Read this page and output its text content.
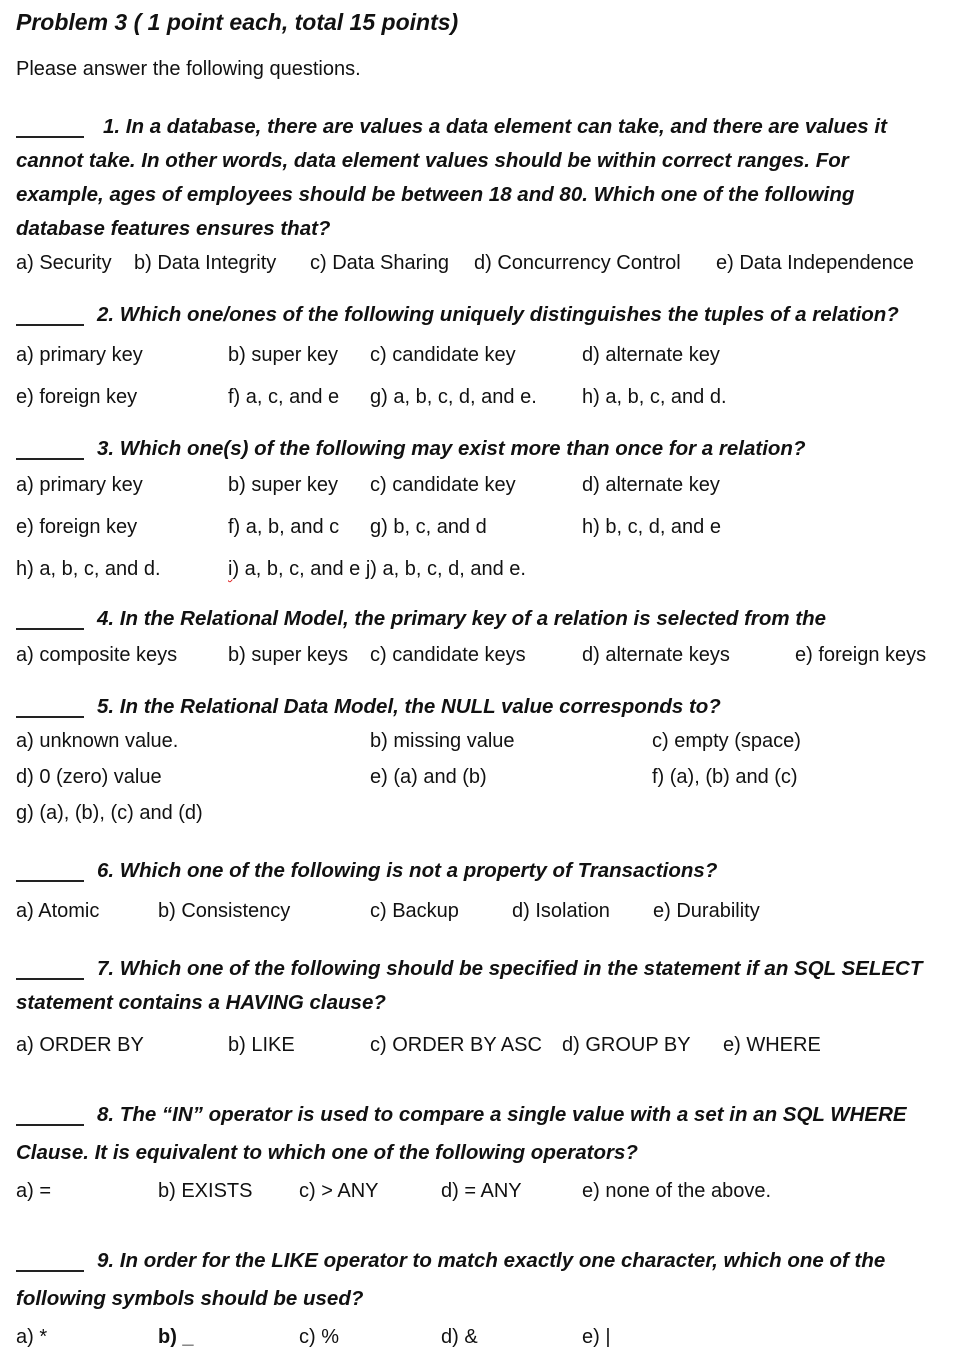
Problem 3 ( 1 point each, total 15 points)
Please answer the following questions.
1. In a database, there are values a data element can take, and there are values it
cannot take. In other words, data element values should be within correct ranges. For
example, ages of employees should be between 18 and 80. Which one of the following
database features ensures that?
a) Security b) Data Integrity c) Data Sharing d) Concurrency Control e) Data Independence
2. Which one/ones of the following uniquely distinguishes the tuples of a relation?
a) primary key	b) super key c) candidate key	d) alternate key
e) foreign key	f) a, c, and e g) a, b, c, d, and e. h) a, b, c, and d.
3. Which one(s) of the following may exist more than once for a relation?
a) primary key	b) super key c) candidate key	d) alternate key
e) foreign key	f) a, b, and c g) b, c, and d	h) b, c, d, and e
h) a, b, c, and d.	i) a, b, c, and e j) a, b, c, d, and e.
4. In the Relational Model, the primary key of a relation is selected from the
a) composite keys	b) super keys c) candidate keys	d) alternate keys	e) foreign keys
5. In the Relational Data Model, the NULL value corresponds to?
a) unknown value.	b) missing value	c) empty (space)
d) 0 (zero) value	e) (a) and (b)	f) (a), (b) and (c)
g) (a), (b), (c) and (d)
6. Which one of the following is not a property of Transactions?
a) Atomic	b) Consistency	c) Backup	d) Isolation e) Durability
7. Which one of the following should be specified in the statement if an SQL SELECT
statement contains a HAVING clause?
a) ORDER BY	b) LIKE	c) ORDER BY ASC d) GROUP BY e) WHERE
8. The “IN” operator is used to compare a single value with a set in an SQL WHERE
Clause. It is equivalent to which one of the following operators?
a) =	b) EXISTS c) > ANY	d) = ANY	e) none of the above.
9. In order for the LIKE operator to match exactly one character, which one of the
following symbols should be used?
a) *	b) _	c) %	d) &	e) |
